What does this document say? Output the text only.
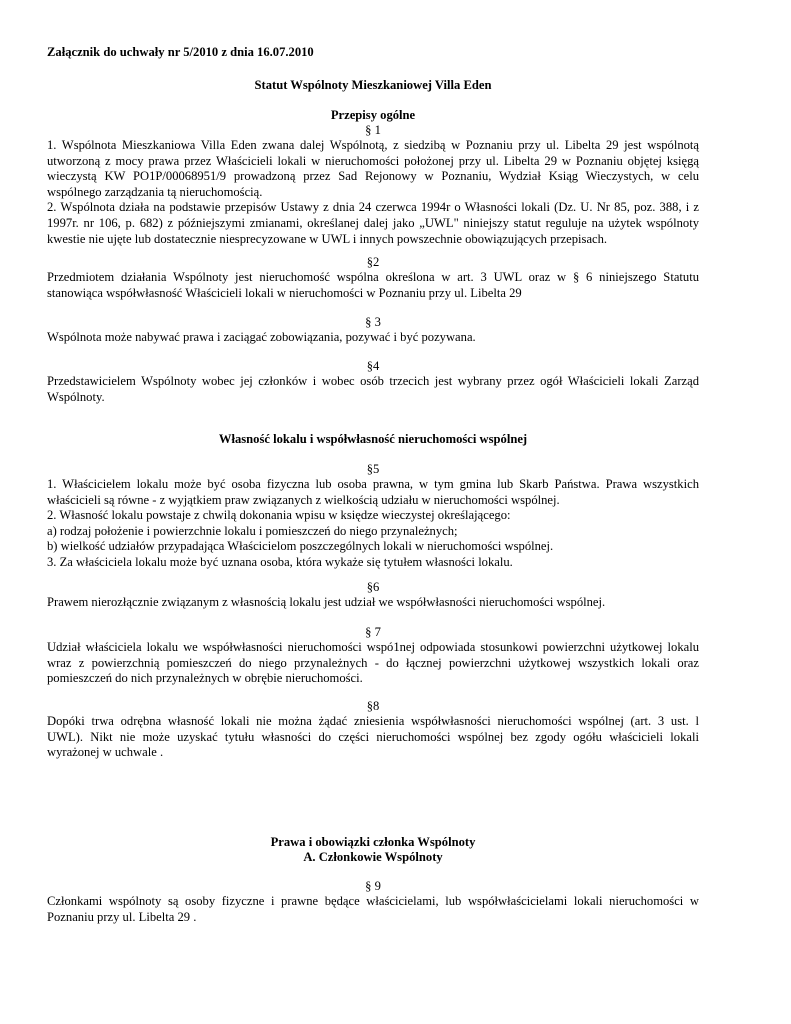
Załącznik do uchwały nr 5/2010 z dnia 16.07.2010
Statut Wspólnoty Mieszkaniowej Villa Eden
Przepisy ogólne
§ 1
1. Wspólnota Mieszkaniowa Villa Eden zwana dalej Wspólnotą, z siedzibą w Poznaniu przy ul. Libelta 29 jest wspólnotą
utworzoną z mocy prawa przez Właścicieli lokali w nieruchomości położonej przy ul. Libelta 29 w Poznaniu objętej księgą
wieczystą KW PO1P/00068951/9 prowadzoną przez Sad Rejonowy w Poznaniu, Wydział Ksiąg Wieczystych, w celu
wspólnego zarządzania tą nieruchomością.
2. Wspólnota działa na podstawie przepisów Ustawy z dnia 24 czerwca 1994r o Własności lokali (Dz. U. Nr 85, poz. 388, i z
1997r. nr 106, p. 682) z późniejszymi zmianami, określanej dalej jako „UWL" niniejszy statut reguluje na użytek wspólnoty
kwestie nie ujęte lub dostatecznie niesprecyzowane w UWL i innych powszechnie obowiązujących przepisach.
§2
Przedmiotem działania Wspólnoty jest nieruchomość wspólna określona w art. 3 UWL oraz w § 6 niniejszego Statutu
stanowiąca współwłasność Właścicieli lokali w nieruchomości w Poznaniu przy ul. Libelta 29
§ 3
Wspólnota może nabywać prawa i zaciągać zobowiązania, pozywać i być pozywana.
§4
Przedstawicielem Wspólnoty wobec jej członków i wobec osób trzecich jest wybrany przez ogół Właścicieli lokali Zarząd
Wspólnoty.
Własność lokalu i współwłasność nieruchomości wspólnej
§5
1. Właścicielem lokalu może być osoba fizyczna lub osoba prawna, w tym gmina lub Skarb Państwa. Prawa wszystkich
właścicieli są równe - z wyjątkiem praw związanych z wielkością udziału w nieruchomości wspólnej.
2. Własność lokalu powstaje z chwilą dokonania wpisu w księdze wieczystej określającego:
a) rodzaj położenie i powierzchnie lokalu i pomieszczeń do niego przynależnych;
b) wielkość udziałów przypadająca Właścicielom poszczególnych lokali w nieruchomości wspólnej.
3. Za właściciela lokalu może być uznana osoba, która wykaże się tytułem własności lokalu.
§6
Prawem nierozłącznie związanym z własnością lokalu jest udział we współwłasności nieruchomości wspólnej.
§ 7
Udział właściciela lokalu we współwłasności nieruchomości wspó1nej odpowiada stosunkowi powierzchni użytkowej lokalu
wraz z powierzchnią pomieszczeń do niego przynależnych - do łącznej powierzchni użytkowej wszystkich lokali oraz
pomieszczeń do nich przynależnych w obrębie nieruchomości.
§8
Dopóki trwa odrębna własność lokali nie można żądać zniesienia współwłasności nieruchomości wspólnej (art. 3 ust. l
UWL). Nikt nie może uzyskać tytułu własności do części nieruchomości wspólnej bez zgody ogółu właścicieli lokali
wyrażonej w uchwale .
Prawa i obowiązki członka Wspólnoty
A. Członkowie Wspólnoty
§ 9
Członkami wspólnoty są osoby fizyczne i prawne będące właścicielami, lub współwłaścicielami lokali nieruchomości w
Poznaniu przy ul. Libelta 29 .
